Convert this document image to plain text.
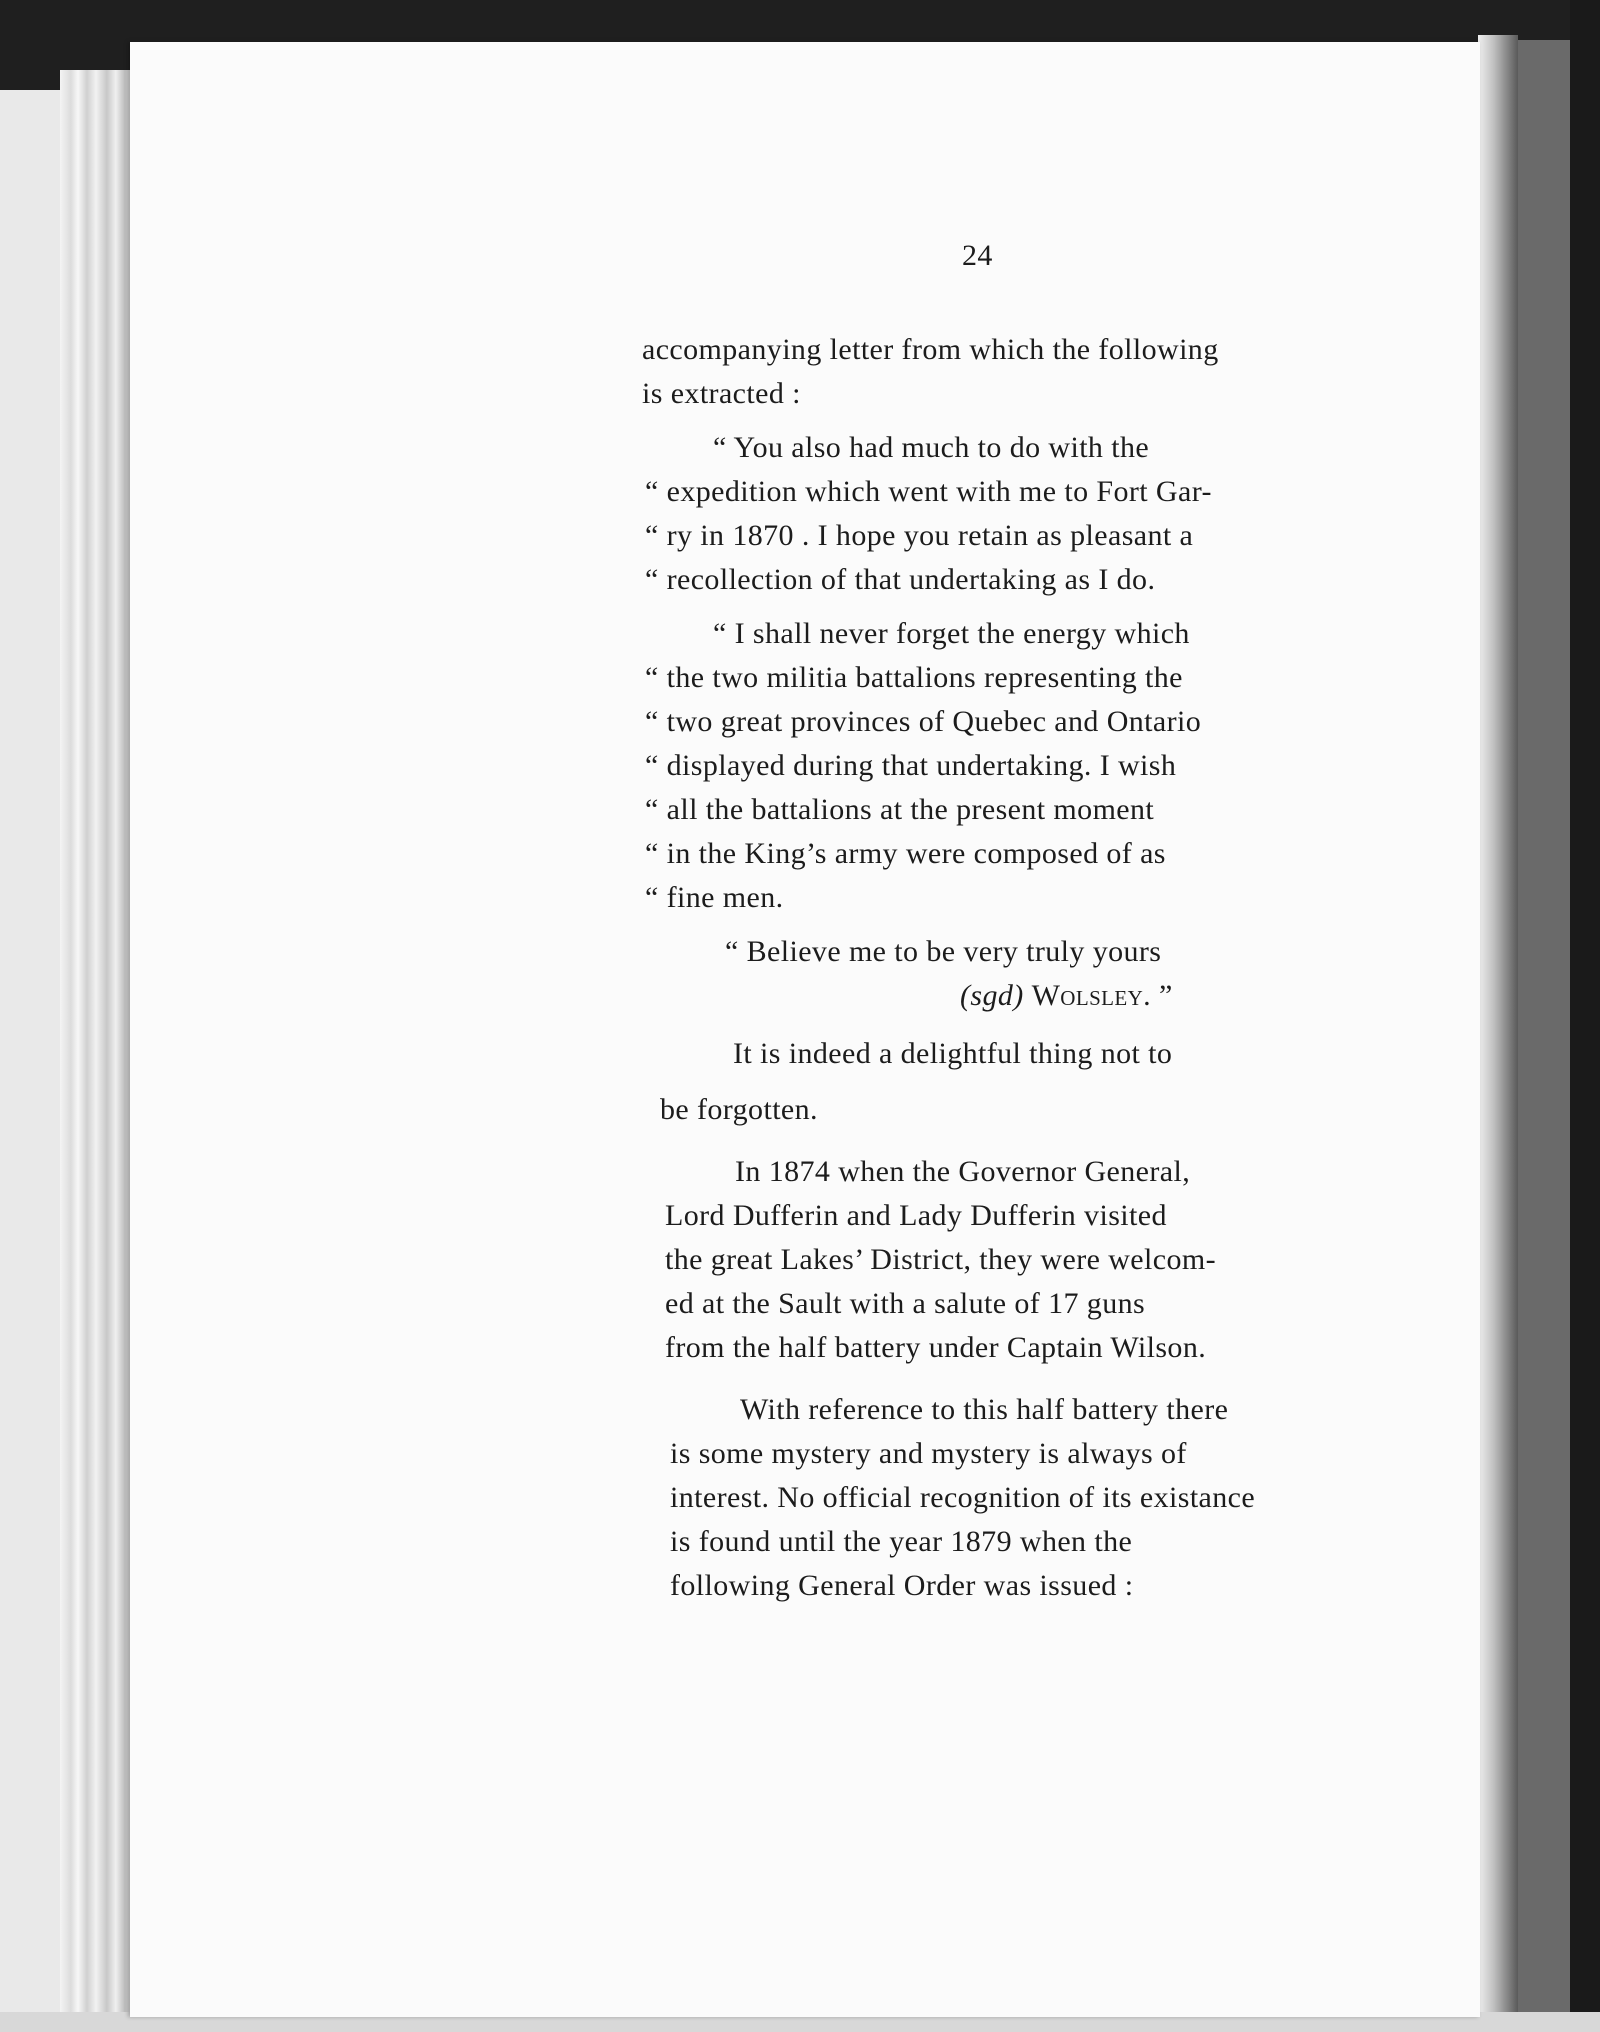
24
accompanying letter from which the following
is extracted :
“ You also had much to do with the
“ expedition which went with me to Fort Gar-
“ ry in 1870 . I hope you retain as pleasant a
“ recollection of that undertaking as I do.
“ I shall never forget the energy which
“ the two militia battalions representing the
“ two great provinces of Quebec and Ontario
“ displayed during that undertaking. I wish
“ all the battalions at the present moment
“ in the King’s army were composed of as
“ fine men.
“ Believe me to be very truly yours
(sgd) Wolsley. ”
It is indeed a delightful thing not to
be forgotten.
In 1874 when the Governor General,
Lord Dufferin and Lady Dufferin visited
the great Lakes’ District, they were welcom-
ed at the Sault with a salute of 17 guns
from the half battery under Captain Wilson.
With reference to this half battery there
is some mystery and mystery is always of
interest. No official recognition of its existance
is found until the year 1879 when the
following General Order was issued :
